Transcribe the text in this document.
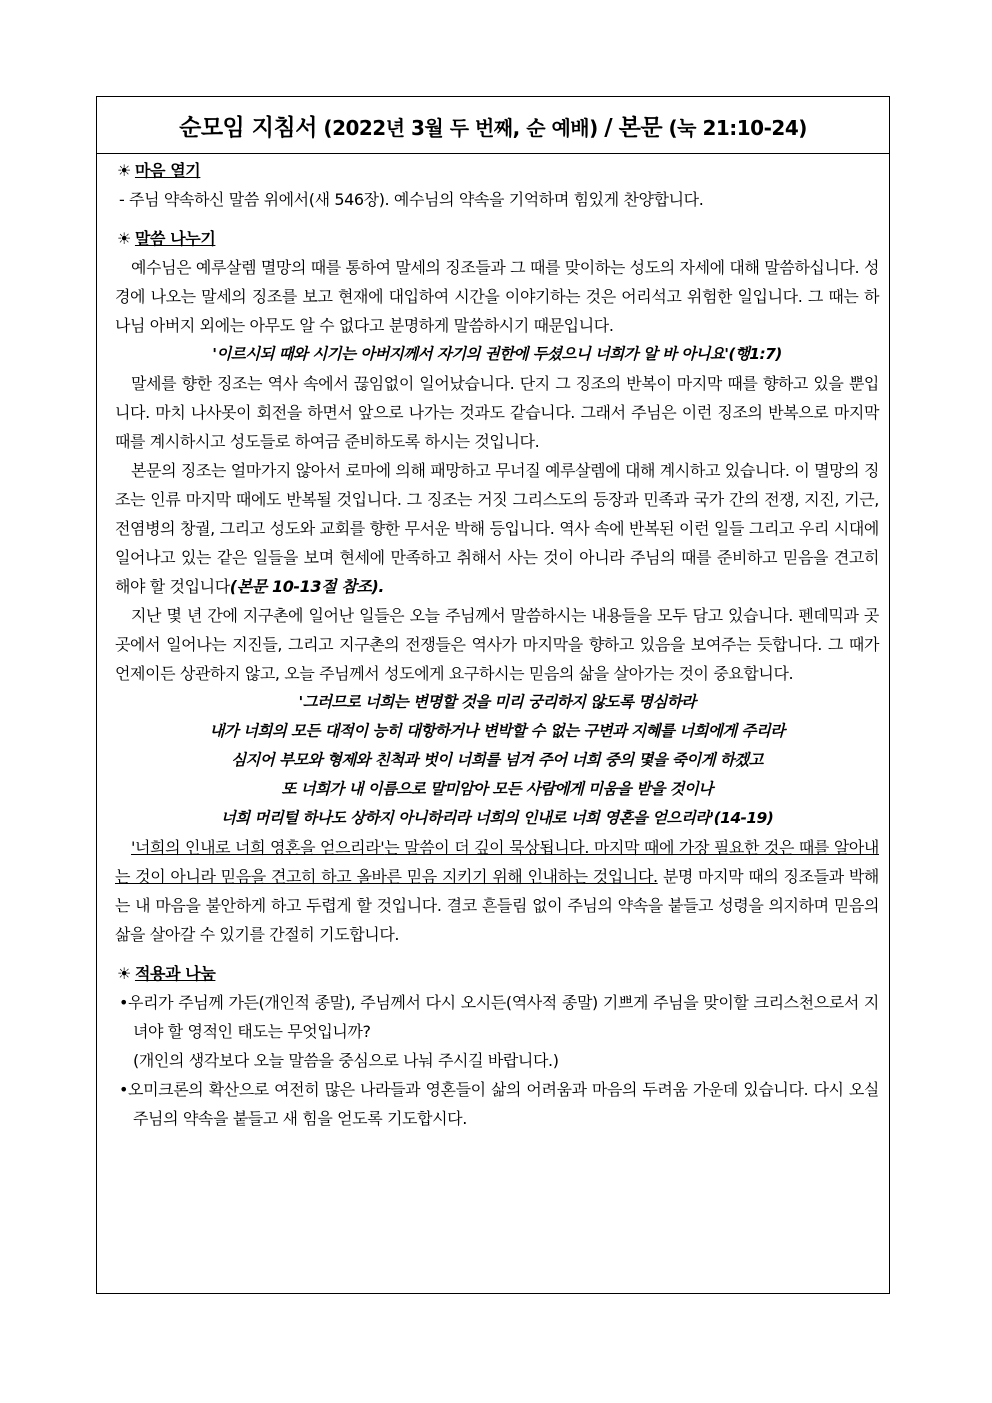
순모임 지침서 (2022년 3월 두 번째, 순 예배) / 본문 (눅 21:10-24)
☀ 마음 열기

- 주님 약속하신 말씀 위에서(새 546장). 예수님의 약속을 기억하며 힘있게 찬양합니다.

☀ 말씀 나누기

예수님은 예루살렘 멸망의 때를 통하여 말세의 징조들과 그 때를 맞이하는 성도의 자세에 대해 말씀하십니다. 성경에 나오는 말세의 징조를 보고 현재에 대입하여 시간을 이야기하는 것은 어리석고 위험한 일입니다. 그 때는 하나님 아버지 외에는 아무도 알 수 없다고 분명하게 말씀하시기 때문입니다.

'이르시되 때와 시기는 아버지께서 자기의 권한에 두셨으니 너희가 알 바 아니요'(행1:7)

말세를 향한 징조는 역사 속에서 끊임없이 일어났습니다. 단지 그 징조의 반복이 마지막 때를 향하고 있을 뿐입니다. 마치 나사못이 회전을 하면서 앞으로 나가는 것과도 같습니다. 그래서 주님은 이런 징조의 반복으로 마지막 때를 계시하시고 성도들로 하여금 준비하도록 하시는 것입니다.

본문의 징조는 얼마가지 않아서 로마에 의해 패망하고 무너질 예루살렘에 대해 계시하고 있습니다. 이 멸망의 징조는 인류 마지막 때에도 반복될 것입니다. 그 징조는 거짓 그리스도의 등장과 민족과 국가 간의 전쟁, 지진, 기근, 전염병의 창궐, 그리고 성도와 교회를 향한 무서운 박해 등입니다. 역사 속에 반복된 이런 일들 그리고 우리 시대에 일어나고 있는 같은 일들을 보며 현세에 만족하고 취해서 사는 것이 아니라 주님의 때를 준비하고 믿음을 견고히 해야 할 것입니다(본문 10-13절 참조).

지난 몇 년 간에 지구촌에 일어난 일들은 오늘 주님께서 말씀하시는 내용들을 모두 담고 있습니다. 펜데믹과 곳곳에서 일어나는 지진들, 그리고 지구촌의 전쟁들은 역사가 마지막을 향하고 있음을 보여주는 듯합니다. 그 때가 언제이든 상관하지 않고, 오늘 주님께서 성도에게 요구하시는 믿음의 삶을 살아가는 것이 중요합니다.

'그러므로 너희는 변명할 것을 미리 궁리하지 않도록 명심하라

내가 너희의 모든 대적이 능히 대항하거나 변박할 수 없는 구변과 지혜를 너희에게 주리라

심지어 부모와 형제와 친척과 벗이 너희를 넘겨 주어 너희 중의 몇을 죽이게 하겠고

또 너희가 내 이름으로 말미암아 모든 사람에게 미움을 받을 것이나

너희 머리털 하나도 상하지 아니하리라 너희의 인내로 너희 영혼을 얻으리라'(14-19)

'너희의 인내로 너희 영혼을 얻으리라'는 말씀이 더 깊이 묵상됩니다. 마지막 때에 가장 필요한 것은 때를 알아내는 것이 아니라 믿음을 견고히 하고 올바른 믿음 지키기 위해 인내하는 것입니다. 분명 마지막 때의 징조들과 박해는 내 마음을 불안하게 하고 두렵게 할 것입니다. 결코 흔들림 없이 주님의 약속을 붙들고 성령을 의지하며 믿음의 삶을 살아갈 수 있기를 간절히 기도합니다.

☀ 적용과 나눔

•우리가 주님께 가든(개인적 종말), 주님께서 다시 오시든(역사적 종말) 기쁘게 주님을 맞이할 크리스천으로서 지녀야 할 영적인 태도는 무엇입니까?

(개인의 생각보다 오늘 말씀을 중심으로 나눠 주시길 바랍니다.)

•오미크론의 확산으로 여전히 많은 나라들과 영혼들이 삶의 어려움과 마음의 두려움 가운데 있습니다. 다시 오실 주님의 약속을 붙들고 새 힘을 얻도록 기도합시다.
